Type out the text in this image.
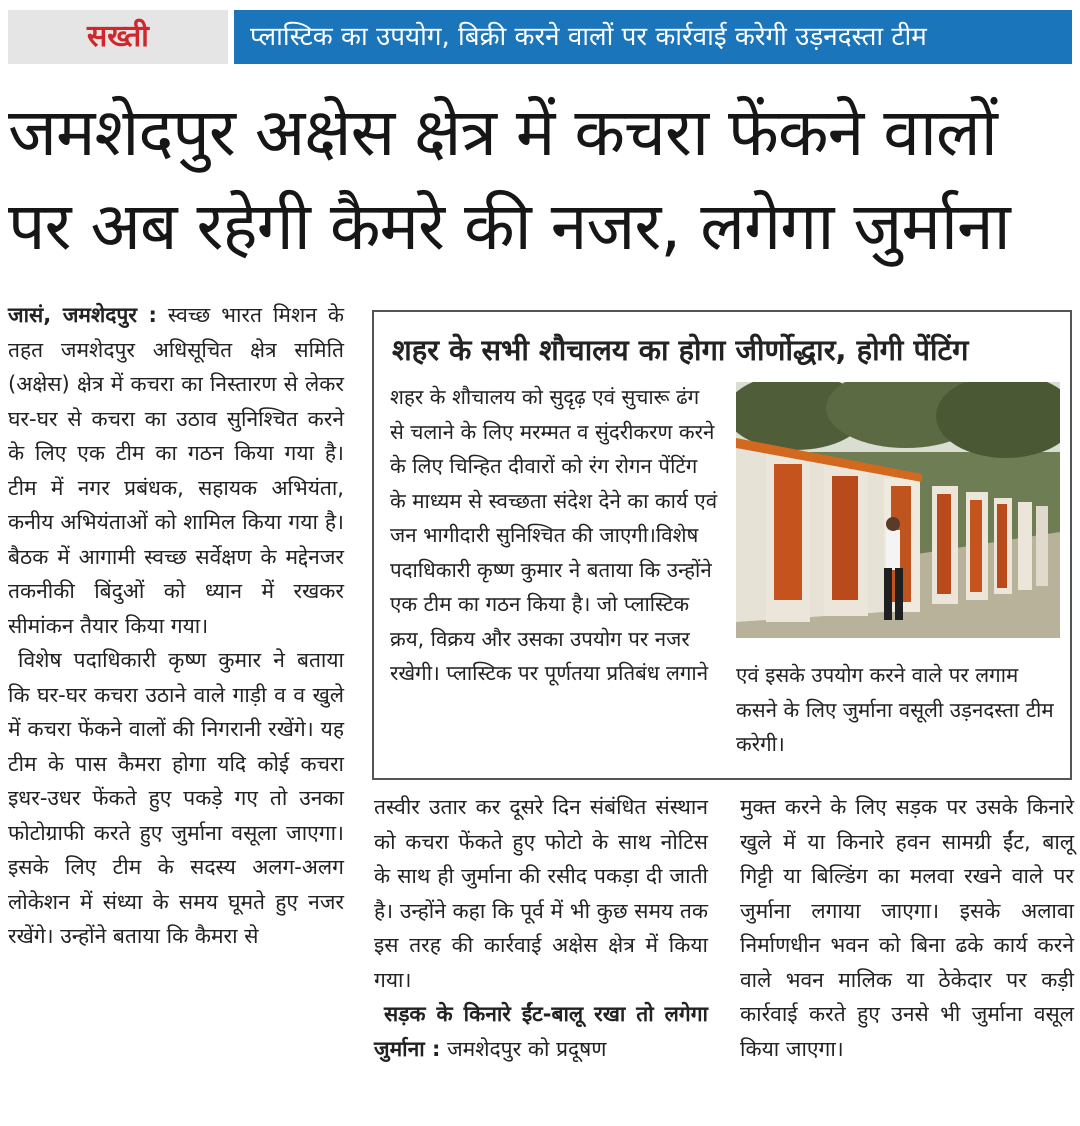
सख्ती	प्लास्टिक का उपयोग, बिक्री करने वालों पर कार्रवाई करेगी उड़नदस्ता टीम
जमशेदपुर अक्षेस क्षेत्र में कचरा फेंकने वालों पर अब रहेगी कैमरे की नजर, लगेगा जुर्माना

जासं, जमशेदपुर : स्वच्छ भारत मिशन के तहत जमशेदपुर अधिसूचित क्षेत्र समिति (अक्षेस) क्षेत्र में कचरा का निस्तारण से लेकर घर-घर से कचरा का उठाव सुनिश्चित करने के लिए एक टीम का गठन किया गया है। टीम में नगर प्रबंधक, सहायक अभियंता, कनीय अभियंताओं को शामिल किया गया है। बैठक में आगामी स्वच्छ सर्वेक्षण के मद्देनजर तकनीकी बिंदुओं को ध्यान में रखकर सीमांकन तैयार किया गया।

विशेष पदाधिकारी कृष्ण कुमार ने बताया कि घर-घर कचरा उठाने वाले गाड़ी व व खुले में कचरा फेंकने वालों की निगरानी रखेंगे। यह टीम के पास कैमरा होगा यदि कोई कचरा इधर-उधर फेंकते हुए पकड़े गए तो उनका फोटोग्राफी करते हुए जुर्माना वसूला जाएगा। इसके लिए टीम के सदस्य अलग-अलग लोकेशन में संध्या के समय घूमते हुए नजर रखेंगे। उन्होंने बताया कि कैमरा से

शहर के सभी शौचालय का होगा जीर्णोद्धार, होगी पेंटिंग

शहर के शौचालय को सुदृढ़ एवं सुचारू ढंग से चलाने के लिए मरम्मत व सुंदरीकरण करने के लिए चिन्हित दीवारों को रंग रोगन पेंटिंग के माध्यम से स्वच्छता संदेश देने का कार्य एवं जन भागीदारी सुनिश्चित की जाएगी।विशेष पदाधिकारी कृष्ण कुमार ने बताया कि उन्होंने एक टीम का गठन किया है। जो प्लास्टिक क्रय, विक्रय और उसका उपयोग पर नजर रखेगी। प्लास्टिक पर पूर्णतया प्रतिबंध लगाने	एवं इसके उपयोग करने वाले पर लगाम कसने के लिए जुर्माना वसूली उड़नदस्ता टीम करेगी।

तस्वीर उतार कर दूसरे दिन संबंधित संस्थान को कचरा फेंकते हुए फोटो के साथ नोटिस के साथ ही जुर्माना की रसीद पकड़ा दी जाती है। उन्होंने कहा कि पूर्व में भी कुछ समय तक इस तरह की कार्रवाई अक्षेस क्षेत्र में किया गया।

सड़क के किनारे ईंट-बालू रखा तो लगेगा जुर्माना : जमशेदपुर को प्रदूषण

मुक्त करने के लिए सड़क पर उसके किनारे खुले में या किनारे हवन सामग्री ईंट, बालू गिट्टी या बिल्डिंग का मलवा रखने वाले पर जुर्माना लगाया जाएगा। इसके अलावा निर्माणधीन भवन को बिना ढके कार्य करने वाले भवन मालिक या ठेकेदार पर कड़ी कार्रवाई करते हुए उनसे भी जुर्माना वसूल किया जाएगा।
